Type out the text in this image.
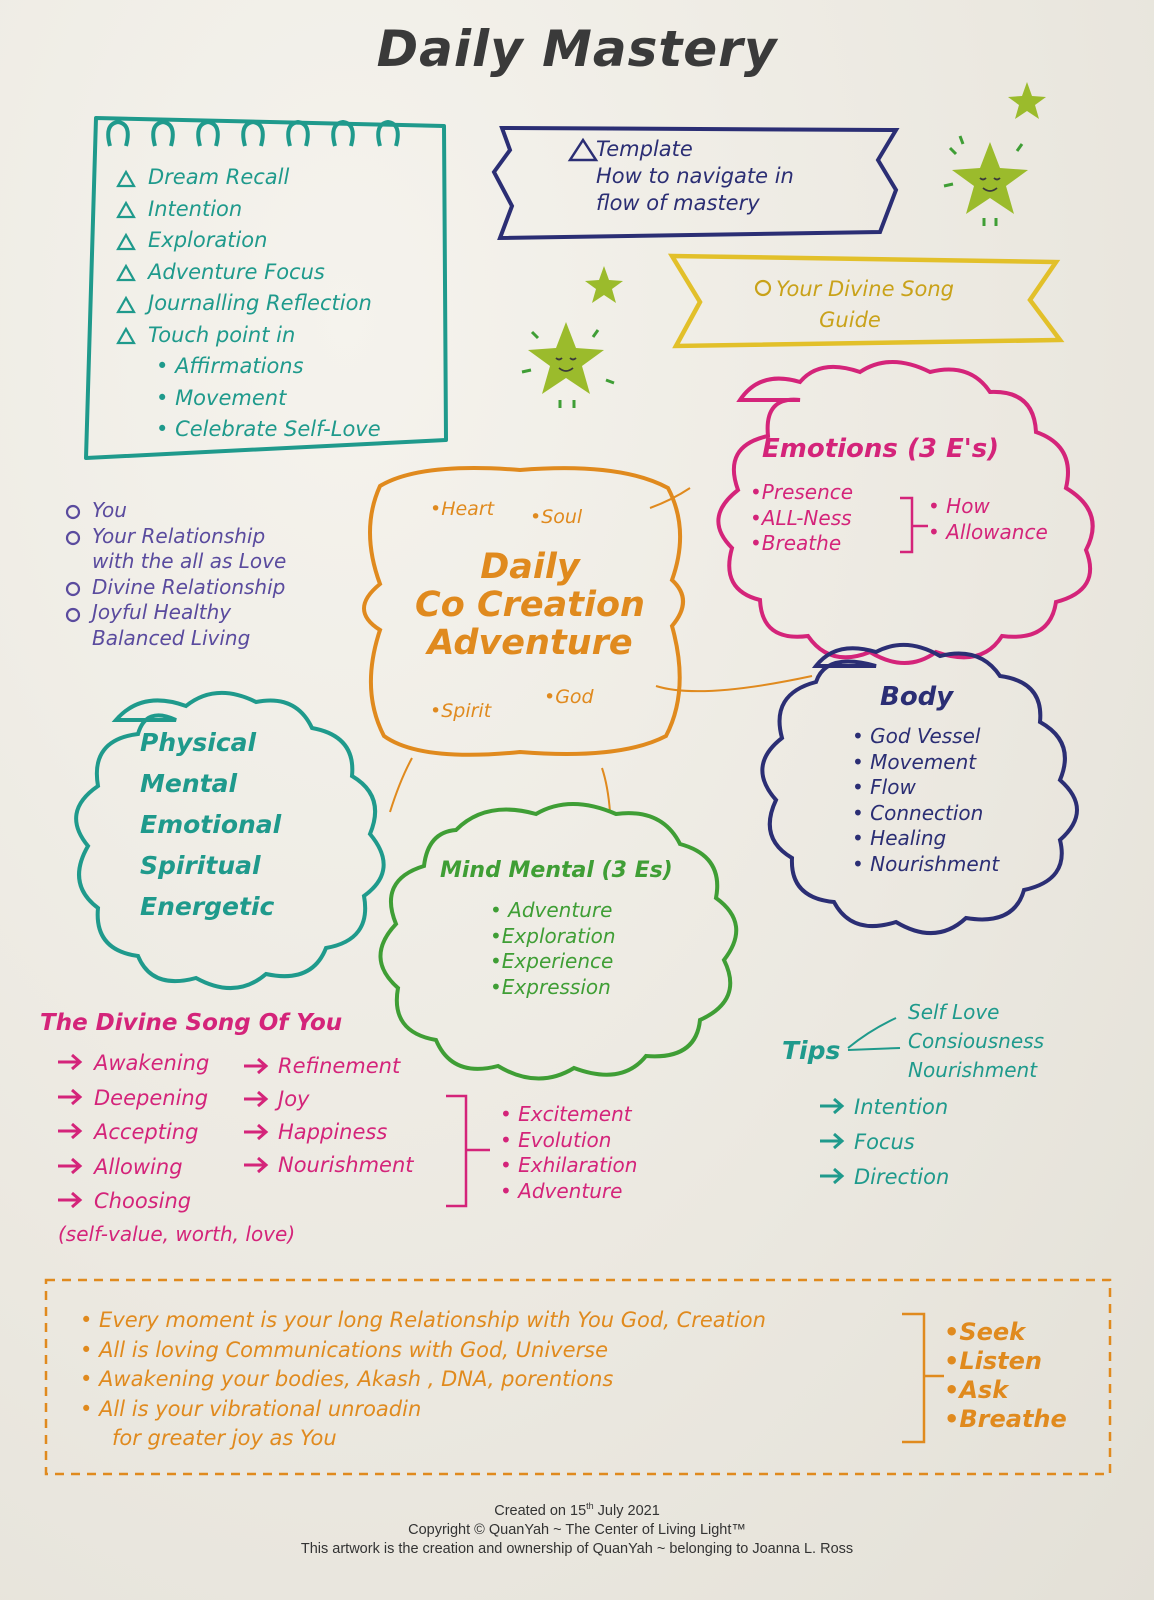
Daily Mastery
Dream Recall
Intention
Exploration
Adventure Focus
Journalling Reflection
Touch point in
• Affirmations
• Movement
• Celebrate Self-Love
Template
How to navigate in
flow of mastery
Your Divine Song
Guide
You
Your Relationship
with the all as Love
Divine Relationship
Joyful Healthy
Balanced Living
•Heart •Soul
•Spirit
•God
Daily
Co Creation
Adventure
Emotions (3 E's)
•Presence
•ALL-Ness
•Breathe
• How
• Allowance
Body
• God Vessel
• Movement
• Flow
• Connection
• Healing
• Nourishment
Physical
Mental
Emotional
Spiritual
Energetic
Mind Mental (3 Es)
• Adventure
•Exploration
•Experience
•Expression
The Divine Song Of You
Awakening
Deepening
Accepting
Allowing
Choosing
Refinement
Joy
Happiness
Nourishment
(self-value, worth, love)
• Excitement
• Evolution
• Exhilaration
• Adventure
Tips
Self Love
Consiousness
Nourishment
Intention
Focus
Direction
• Every moment is your long Relationship with You God, Creation
• All is loving Communications with God, Universe
• Awakening your bodies, Akash , DNA, porentions
• All is your vibrational unroadin
for greater joy as You
•Seek
•Listen
•Ask
•Breathe
Created on 15th July 2021
Copyright © QuanYah ~ The Center of Living Light™
This artwork is the creation and ownership of QuanYah ~ belonging to Joanna L. Ross
